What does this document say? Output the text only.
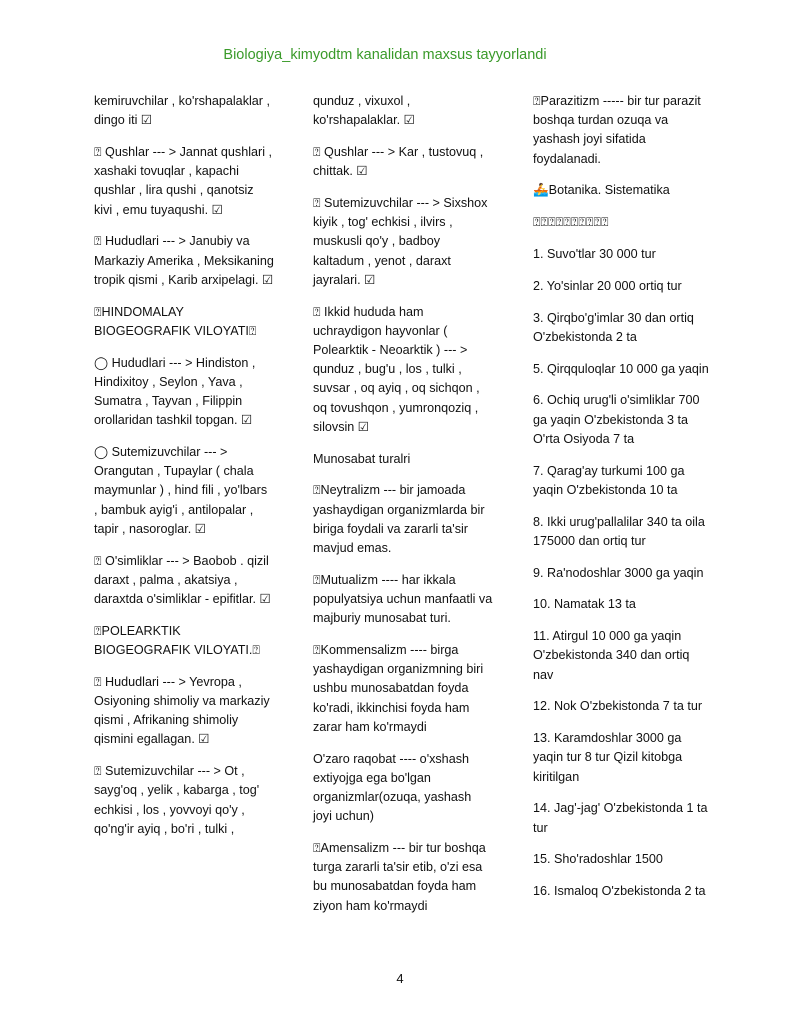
Biologiya_kimyodtm kanalidan maxsus tayyorlandi

kemiruvchilar , ko'rshapalaklar , dingo iti ☑

⍰ Qushlar --- > Jannat qushlari , xashaki tovuqlar , kapachi qushlar , lira qushi , qanotsiz kivi , emu tuyaqushi. ☑

⍰ Hududlari --- > Janubiy va Markaziy Amerika , Meksikaning tropik qismi , Karib arxipelagi. ☑

⍰HINDOMALAY BIOGEOGRAFIK VILOYATI⍰

◯ Hududlari --- > Hindiston , Hindixitoy , Seylon , Yava , Sumatra , Tayvan , Filippin orollaridan tashkil topgan. ☑

◯ Sutemizuvchilar --- > Orangutan , Tupaylar ( chala maymunlar ) , hind fili , yo'lbars , bambuk ayig'i , antilopalar , tapir , nasoroglar. ☑

⍰ O'simliklar --- > Baobob . qizil daraxt , palma , akatsiya , daraxtda o'simliklar - epifitlar. ☑

⍰POLEARKTIK BIOGEOGRAFIK VILOYATI.⍰

⍰ Hududlari --- > Yevropa , Osiyoning shimoliy va markaziy qismi , Afrikaning shimoliy qismini egallagan. ☑

⍰ Sutemizuvchilar --- > Ot , sayg'oq , yelik , kabarga , tog' echkisi , los , yovvoyi qo'y , qo'ng'ir ayiq , bo'ri , tulki ,

qunduz , vixuxol , ko'rshapalaklar. ☑

⍰ Qushlar --- > Kar , tustovuq , chittak. ☑

⍰ Sutemizuvchilar --- > Sixshox kiyik , tog' echkisi , ilvirs , muskusli qo'y , badboy kaltadum , yenot , daraxt jayralari. ☑

⍰ Ikkid hududa ham uchraydigon hayvonlar ( Polearktik - Neoarktik ) --- > qunduz , bug'u , los , tulki , suvsar , oq ayiq , oq sichqon , oq tovushqon , yumronqoziq , silovsin ☑

Munosabat turalri

⍰Neytralizm --- bir jamoada yashaydigan organizmlarda bir biriga foydali va zararli ta'sir mavjud emas.

⍰Mutualizm ---- har ikkala populyatsiya uchun manfaatli va majburiy munosabat turi.

⍰Kommensalizm ---- birga yashaydigan organizmning biri ushbu munosabatdan foyda ko'radi, ikkinchisi foyda ham zarar ham ko'rmaydi

O'zaro raqobat ---- o'xshash extiyojga ega bo'lgan organizmlar(ozuqa, yashash joyi uchun)

⍰Amensalizm --- bir tur boshqa turga zararli ta'sir etib, o'zi esa bu munosabatdan foyda ham ziyon ham ko'rmaydi

⍰Parazitizm ----- bir tur parazit boshqa turdan ozuqa va yashash joyi sifatida foydalanadi.

🚣Botanika. Sistematika

⍰⍰⍰⍰⍰⍰⍰⍰⍰⍰

1. Suvo'tlar 30 000 tur

2. Yo'sinlar 20 000 ortiq tur

3. Qirqbo'g'imlar 30 dan ortiq O'zbekistonda 2 ta

5. Qirqquloqlar 10 000 ga yaqin

6. Ochiq urug'li o'simliklar 700 ga yaqin O'zbekistonda 3 ta O'rta Osiyoda 7 ta

7. Qarag'ay turkumi 100 ga yaqin O'zbekistonda 10 ta

8. Ikki urug'pallalilar 340 ta oila 175000 dan ortiq tur

9. Ra'nodoshlar 3000 ga yaqin

10. Namatak 13 ta

11. Atirgul 10 000 ga yaqin O'zbekistonda 340 dan ortiq nav

12. Nok O'zbekistonda 7 ta tur

13. Karamdoshlar 3000 ga yaqin tur 8 tur Qizil kitobga kiritilgan

14. Jag'-jag' O'zbekistonda 1 ta tur

15. Sho'radoshlar 1500

16. Ismaloq O'zbekistonda 2 ta

4
